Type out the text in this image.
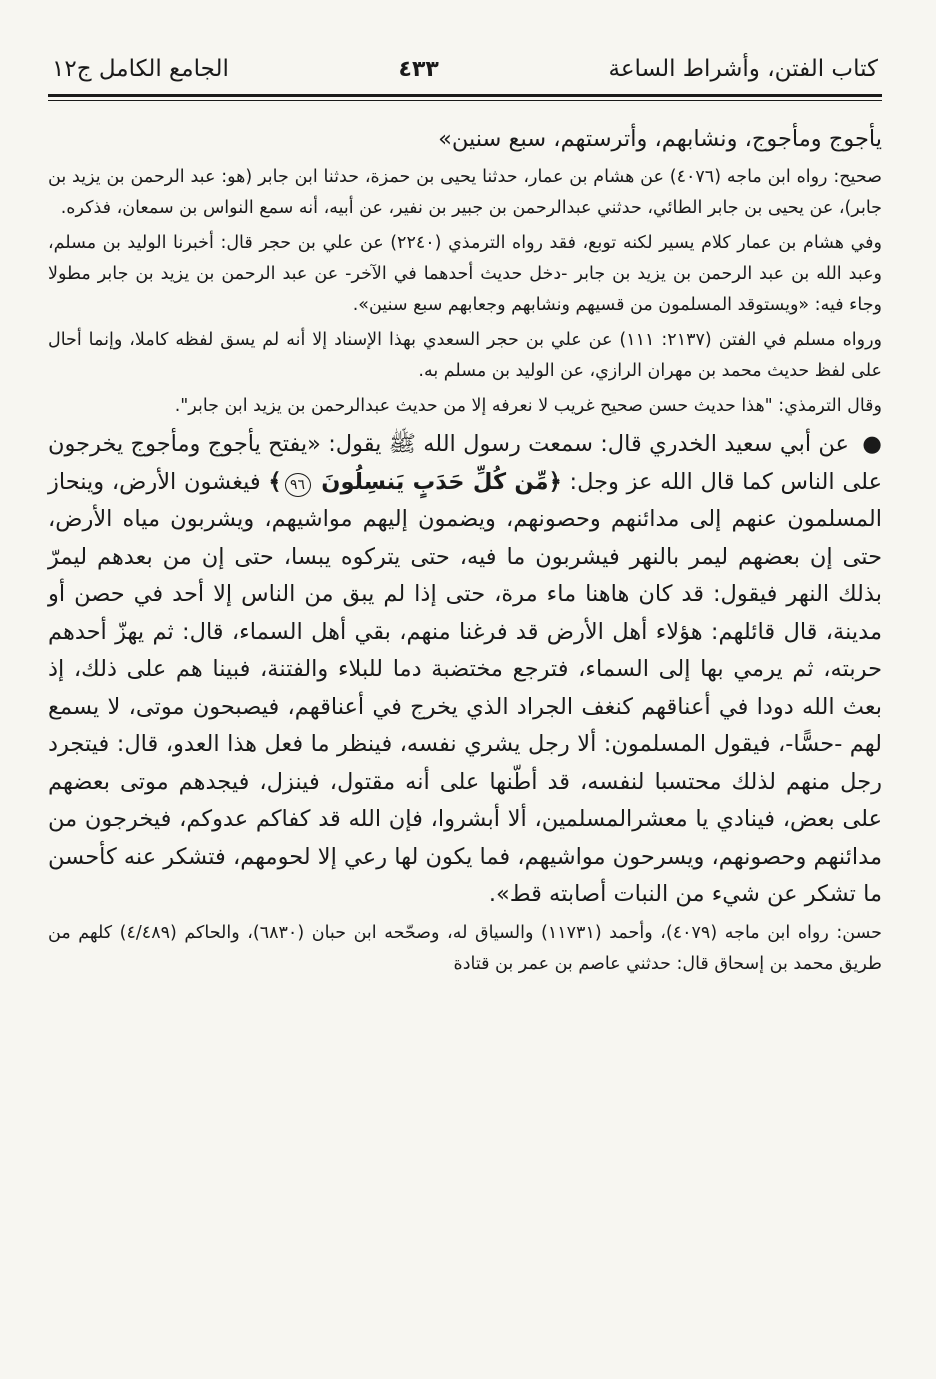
كتاب الفتن، وأشراط الساعة
٤٣٣
الجامع الكامل ج١٢

يأجوج ومأجوج، ونشابهم، وأترستهم، سبع سنين»

صحيح: رواه ابن ماجه (٤٠٧٦) عن هشام بن عمار، حدثنا يحيى بن حمزة، حدثنا ابن جابر (هو: عبد الرحمن بن يزيد بن جابر)، عن يحيى بن جابر الطائي، حدثني عبدالرحمن بن جبير بن نفير، عن أبيه، أنه سمع النواس بن سمعان، فذكره.

وفي هشام بن عمار كلام يسير لكنه توبع، فقد رواه الترمذي (٢٢٤٠) عن علي بن حجر قال: أخبرنا الوليد بن مسلم، وعبد الله بن عبد الرحمن بن يزيد بن جابر -دخل حديث أحدهما في الآخر- عن عبد الرحمن بن يزيد بن جابر مطولا وجاء فيه: «ويستوقد المسلمون من قسيهم ونشابهم وجعابهم سبع سنين».

ورواه مسلم في الفتن (٢١٣٧: ١١١) عن علي بن حجر السعدي بهذا الإسناد إلا أنه لم يسق لفظه كاملا، وإنما أحال على لفظ حديث محمد بن مهران الرازي، عن الوليد بن مسلم به.

وقال الترمذي: "هذا حديث حسن صحيح غريب لا نعرفه إلا من حديث عبدالرحمن بن يزيد ابن جابر".

● عن أبي سعيد الخدري قال: سمعت رسول الله ﷺ يقول: «يفتح يأجوج ومأجوج يخرجون على الناس كما قال الله عز وجل: ﴿مِّن كُلِّ حَدَبٍ يَنسِلُونَ ٩٦﴾ فيغشون الأرض، وينحاز المسلمون عنهم إلى مدائنهم وحصونهم، ويضمون إليهم مواشيهم، ويشربون مياه الأرض، حتى إن بعضهم ليمر بالنهر فيشربون ما فيه، حتى يتركوه يبسا، حتى إن من بعدهم ليمرّ بذلك النهر فيقول: قد كان هاهنا ماء مرة، حتى إذا لم يبق من الناس إلا أحد في حصن أو مدينة، قال قائلهم: هؤلاء أهل الأرض قد فرغنا منهم، بقي أهل السماء، قال: ثم يهزّ أحدهم حربته، ثم يرمي بها إلى السماء، فترجع مختضبة دما للبلاء والفتنة، فبينا هم على ذلك، إذ بعث الله دودا في أعناقهم كنغف الجراد الذي يخرج في أعناقهم، فيصبحون موتى، لا يسمع لهم -حسًّا-، فيقول المسلمون: ألا رجل يشري نفسه، فينظر ما فعل هذا العدو، قال: فيتجرد رجل منهم لذلك محتسبا لنفسه، قد أطّنها على أنه مقتول، فينزل، فيجدهم موتى بعضهم على بعض، فينادي يا معشرالمسلمين، ألا أبشروا، فإن الله قد كفاكم عدوكم، فيخرجون من مدائنهم وحصونهم، ويسرحون مواشيهم، فما يكون لها رعي إلا لحومهم، فتشكر عنه كأحسن ما تشكر عن شيء من النبات أصابته قط».

حسن: رواه ابن ماجه (٤٠٧٩)، وأحمد (١١٧٣١) والسياق له، وصحّحه ابن حبان (٦٨٣٠)، والحاكم (٤/٤٨٩) كلهم من طريق محمد بن إسحاق قال: حدثني عاصم بن عمر بن قتادة
